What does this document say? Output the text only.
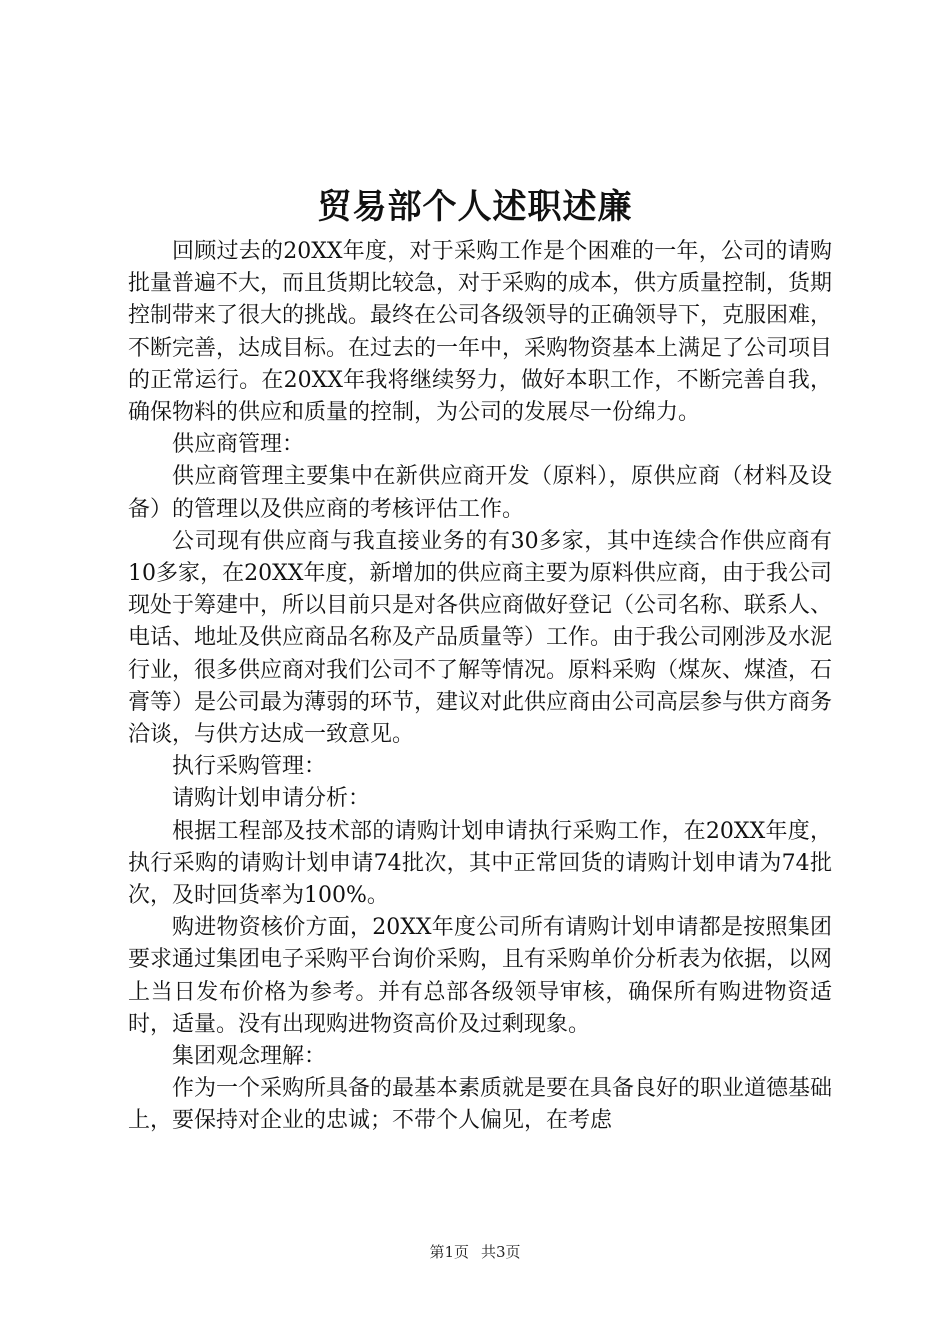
贸易部个人述职述廉

回顾过去的20XX年度，对于采购工作是个困难的一年，公司的请购批量普遍不大，而且货期比较急，对于采购的成本，供方质量控制，货期控制带来了很大的挑战。最终在公司各级领导的正确领导下，克服困难，不断完善，达成目标。在过去的一年中，采购物资基本上满足了公司项目的正常运行。在20XX年我将继续努力，做好本职工作，不断完善自我，确保物料的供应和质量的控制，为公司的发展尽一份绵力。

供应商管理：

供应商管理主要集中在新供应商开发（原料），原供应商（材料及设备）的管理以及供应商的考核评估工作。

公司现有供应商与我直接业务的有30多家，其中连续合作供应商有10多家，在20XX年度，新增加的供应商主要为原料供应商，由于我公司现处于筹建中，所以目前只是对各供应商做好登记（公司名称、联系人、电话、地址及供应商品名称及产品质量等）工作。由于我公司刚涉及水泥行业，很多供应商对我们公司不了解等情况。原料采购（煤灰、煤渣，石膏等）是公司最为薄弱的环节，建议对此供应商由公司高层参与供方商务洽谈，与供方达成一致意见。

执行采购管理：

请购计划申请分析：

根据工程部及技术部的请购计划申请执行采购工作，在20XX年度，执行采购的请购计划申请74批次，其中正常回货的请购计划申请为74批次，及时回货率为100%。

购进物资核价方面，20XX年度公司所有请购计划申请都是按照集团要求通过集团电子采购平台询价采购，且有采购单价分析表为依据，以网上当日发布价格为参考。并有总部各级领导审核，确保所有购进物资适时，适量。没有出现购进物资高价及过剩现象。

集团观念理解：

作为一个采购所具备的最基本素质就是要在具备良好的职业道德基础上，要保持对企业的忠诚；不带个人偏见，在考虑

第1页 共3页
